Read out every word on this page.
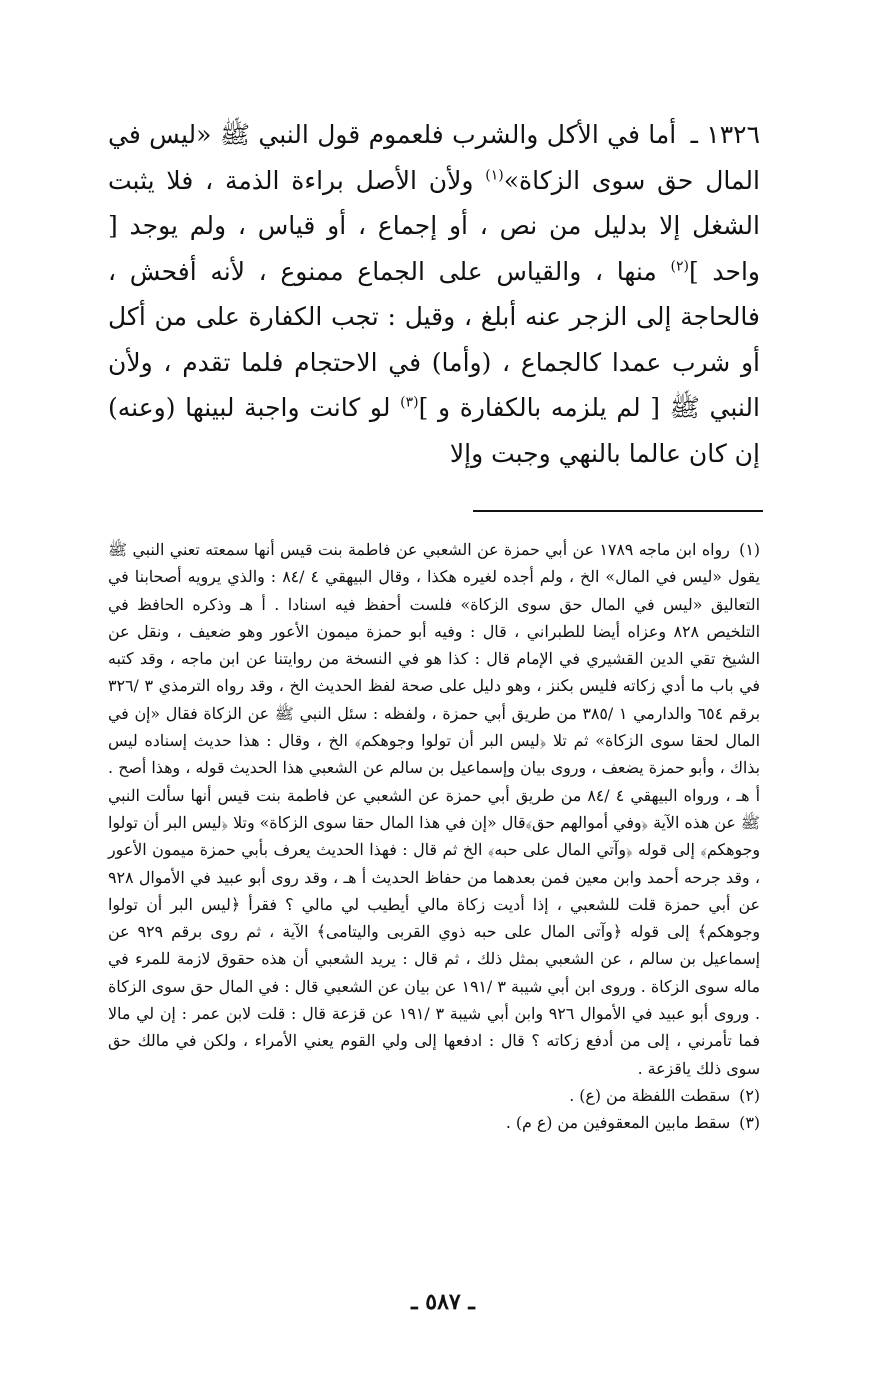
١٣٢٦ ـ أما في الأكل والشرب فلعموم قول النبي ﷺ «ليس في المال حق سوى الزكاة»$^{(١)}$ ولأن الأصل براءة الذمة ، فلا يثبت الشغل إلا بدليل من نص ، أو إجماع ، أو قياس ، ولم يوجد [ واحد ]$^{(٢)}$ منها ، والقياس على الجماع ممنوع ، لأنه أفحش ، فالحاجة إلى الزجر عنه أبلغ ، وقيل : تجب الكفارة على من أكل أو شرب عمدا كالجماع ، (وأما) في الاحتجام فلما تقدم ، ولأن النبي ﷺ [ لم يلزمه بالكفارة و ]$^{(٣)}$ لو كانت واجبة لبينها (وعنه) إن كان عالما بالنهي وجبت وإلا

(١) رواه ابن ماجه ١٧٨٩ عن أبي حمزة عن الشعبي عن فاطمة بنت قيس أنها سمعته تعني النبي ﷺ يقول «ليس في المال» الخ ، ولم أجده لغيره هكذا ، وقال البيهقي ٤ /٨٤ : والذي يرويه أصحابنا في التعاليق «ليس في المال حق سوى الزكاة» فلست أحفظ فيه اسنادا . أ هـ وذكره الحافظ في التلخيص ٨٢٨ وعزاه أيضا للطبراني ، قال : وفيه أبو حمزة ميمون الأعور وهو ضعيف ، ونقل عن الشيخ تقي الدين القشيري في الإمام قال : كذا هو في النسخة من روايتنا عن ابن ماجه ، وقد كتبه في باب ما أدي زكاته فليس بكنز ، وهو دليل على صحة لفظ الحديث الخ ، وقد رواه الترمذي ٣ /٣٢٦ برقم ٦٥٤ والدارمي ١ /٣٨٥ من طريق أبي حمزة ، ولفظه : سئل النبي ﷺ عن الزكاة فقال «إن في المال لحقا سوى الزكاة» ثم تلا ﴿ليس البر أن تولوا وجوهكم﴾ الخ ، وقال : هذا حديث إسناده ليس بذاك ، وأبو حمزة يضعف ، وروى بيان وإسماعيل بن سالم عن الشعبي هذا الحديث قوله ، وهذا أصح . أ هـ ، ورواه البيهقي ٤ /٨٤ من طريق أبي حمزة عن الشعبي عن فاطمة بنت قيس أنها سألت النبي ﷺ عن هذه الآية ﴿وفي أموالهم حق﴾قال «إن في هذا المال حقا سوى الزكاة» وتلا ﴿ليس البر أن تولوا وجوهكم﴾ إلى قوله ﴿وآتي المال على حبه﴾ الخ ثم قال : فهذا الحديث يعرف بأبي حمزة ميمون الأعور ، وقد جرحه أحمد وابن معين فمن بعدهما من حفاظ الحديث أ هـ ، وقد روى أبو عبيد في الأموال ٩٢٨ عن أبي حمزة قلت للشعبي ، إذا أديت زكاة مالي أيطيب لي مالي ؟ فقرأ ﴿ليس البر أن تولوا وجوهكم﴾ إلى قوله ﴿وآتى المال على حبه ذوي القربى واليتامى﴾ الآية ، ثم روى برقم ٩٢٩ عن إسماعيل بن سالم ، عن الشعبي بمثل ذلك ، ثم قال : يريد الشعبي أن هذه حقوق لازمة للمرء في ماله سوى الزكاة . وروى ابن أبي شيبة ٣ /١٩١ عن بيان عن الشعبي قال : في المال حق سوى الزكاة . وروى أبو عبيد في الأموال ٩٢٦ وابن أبي شيبة ٣ /١٩١ عن قزعة قال : قلت لابن عمر : إن لي مالا فما تأمرني ، إلى من أدفع زكاته ؟ قال : ادفعها إلى ولي القوم يعني الأمراء ، ولكن في مالك حق سوى ذلك ياقزعة .

(٢) سقطت اللفظة من (ع) .

(٣) سقط مابين المعقوفين من (ع م) .

ـ ٥٨٧ ـ
